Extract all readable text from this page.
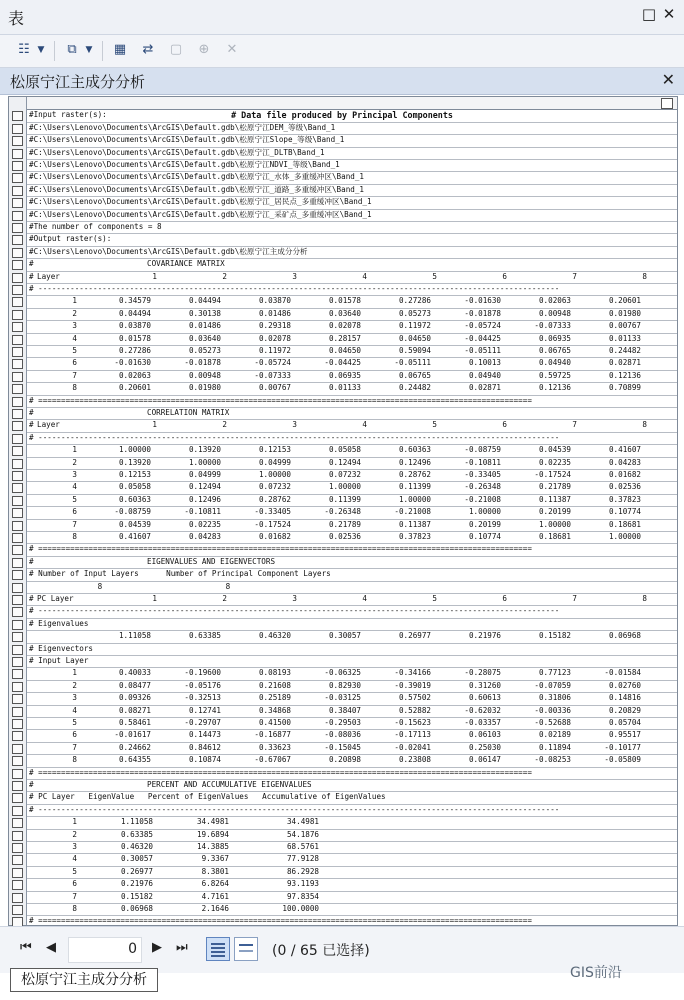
表	□ ✕
☷ ▼	⧉ ▼ ▦	⇄	▢	⊕	✕
松原宁江主成分分析	✕

# Data file produced by Principal Components

#Input raster(s):
#C:\Users\Lenovo\Documents\ArcGIS\Default.gdb\松原宁江DEM_等级\Band_1
#C:\Users\Lenovo\Documents\ArcGIS\Default.gdb\松原宁江Slope_等级\Band_1
#C:\Users\Lenovo\Documents\ArcGIS\Default.gdb\松原宁江_DLTB\Band_1
#C:\Users\Lenovo\Documents\ArcGIS\Default.gdb\松原宁江NDVI_等级\Band_1
#C:\Users\Lenovo\Documents\ArcGIS\Default.gdb\松原宁江_水体_多重缓冲区\Band_1
#C:\Users\Lenovo\Documents\ArcGIS\Default.gdb\松原宁江_道路_多重缓冲区\Band_1
#C:\Users\Lenovo\Documents\ArcGIS\Default.gdb\松原宁江_居民点_多重缓冲区\Band_1
#C:\Users\Lenovo\Documents\ArcGIS\Default.gdb\松原宁江_采矿点_多重缓冲区\Band_1
#The number of components = 8
#Output raster(s):
#C:\Users\Lenovo\Documents\ArcGIS\Default.gdb\松原宁江主成分分析
#	COVARIANCE MATRIX
# Layer	1	2	3	4	5	6	7	8
# ------------------------------------------------------------------------------------------------------------------
1	0.34579	0.04494	0.03870	0.01578	0.27286	-0.01630	0.02063	0.20601
2	0.04494	0.30138	0.01486	0.03640	0.05273	-0.01878	0.00948	0.01980
3	0.03870	0.01486	0.29318	0.02078	0.11972	-0.05724	-0.07333	0.00767
4	0.01578	0.03640	0.02078	0.28157	0.04650	-0.04425	0.06935	0.01133
5	0.27286	0.05273	0.11972	0.04650	0.59094	-0.05111	0.06765	0.24482
6	-0.01630	-0.01878	-0.05724	-0.04425	-0.05111	0.10013	0.04940	0.02871
7	0.02063	0.00948	-0.07333	0.06935	0.06765	0.04940	0.59725	0.12136
8	0.20601	0.01980	0.00767	0.01133	0.24482	0.02871	0.12136	0.70899
# ============================================================================================================
#	CORRELATION MATRIX
# Layer	1	2	3	4	5	6	7	8
# ------------------------------------------------------------------------------------------------------------------
1	1.00000	0.13920	0.12153	0.05058	0.60363	-0.08759	0.04539	0.41607
2	0.13920	1.00000	0.04999	0.12494	0.12496	-0.10811	0.02235	0.04283
3	0.12153	0.04999	1.00000	0.07232	0.28762	-0.33405	-0.17524	0.01682
4	0.05058	0.12494	0.07232	1.00000	0.11399	-0.26348	0.21789	0.02536
5	0.60363	0.12496	0.28762	0.11399	1.00000	-0.21008	0.11387	0.37823
6	-0.08759	-0.10811	-0.33405	-0.26348	-0.21008	1.00000	0.20199	0.10774
7	0.04539	0.02235	-0.17524	0.21789	0.11387	0.20199	1.00000	0.18681
8	0.41607	0.04283	0.01682	0.02536	0.37823	0.10774	0.18681	1.00000
# ============================================================================================================
#	EIGENVALUES AND EIGENVECTORS
# Number of Input Layers      Number of Principal Component Layers
8                           8
# PC Layer	1	2	3	4	5	6	7	8
# ------------------------------------------------------------------------------------------------------------------
# Eigenvalues
1.11058	0.63385	0.46320	0.30057	0.26977	0.21976	0.15182	0.06968
# Eigenvectors
# Input Layer
1	0.40033	-0.19600	0.08193	-0.06325	-0.34166	-0.28075	0.77123	-0.01584
2	0.08477	-0.05176	0.21608	0.82930	-0.39019	0.31260	-0.07059	0.02760
3	0.09326	-0.32513	0.25189	-0.03125	0.57502	0.60613	0.31806	0.14816
4	0.08271	0.12741	0.34868	0.38407	0.52882	-0.62032	-0.00336	0.20829
5	0.58461	-0.29707	0.41500	-0.29503	-0.15623	-0.03357	-0.52688	0.05704
6	-0.01617	0.14473	-0.16877	-0.08036	-0.17113	0.06103	0.02189	0.95517
7	0.24662	0.84612	0.33623	-0.15045	-0.02041	0.25030	0.11894	-0.10177
8	0.64355	0.10874	-0.67067	0.20898	0.23808	0.06147	-0.08253	-0.05809
# ============================================================================================================
#	PERCENT AND ACCUMULATIVE EIGENVALUES
# PC Layer   EigenValue   Percent of EigenValues   Accumulative of EigenValues
# ------------------------------------------------------------------------------------------------------------------
1	1.11058	34.4981	34.4981
2	0.63385	19.6894	54.1876
3	0.46320	14.3885	68.5761
4	0.30057	9.3367	77.9128
5	0.26977	8.3801	86.2928
6	0.21976	6.8264	93.1193
7	0.15182	4.7161	97.8354
8	0.06968	2.1646	100.0000
# ============================================================================================================
⏮ ◀	0 ▶ ⏭	(0 / 65 已选择)
松原宁江主成分分析	GIS前沿
